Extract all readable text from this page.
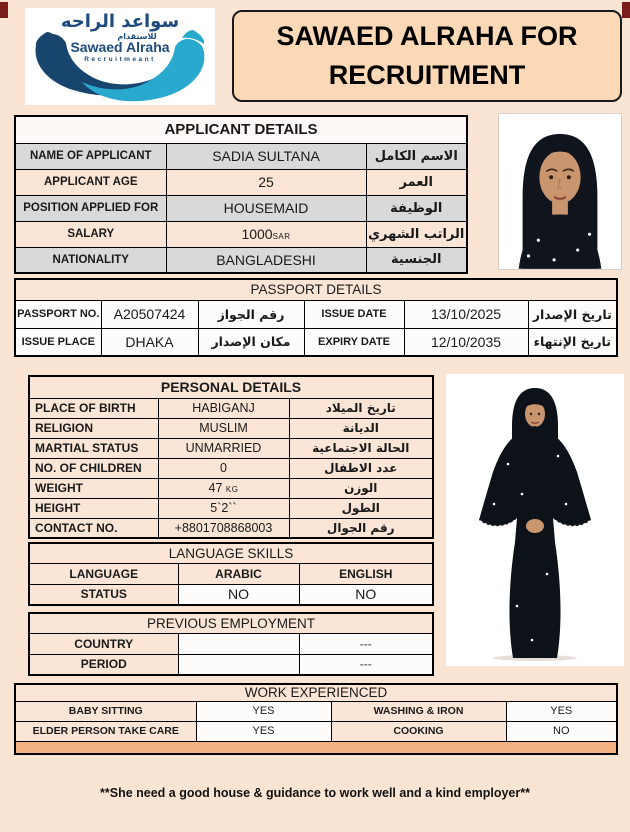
سواعد الراحه
للاستقدام
Sawaed Alraha
Recruitmeant
SAWAED ALRAHA FOR
RECRUITMENT
APPLICANT DETAILS		
NAME OF APPLICANT	SADIA SULTANA	الاسم الكامل
APPLICANT AGE	25	العمر
POSITION APPLIED FOR	HOUSEMAID	الوظيفة
SALARY	1000SAR	الراتب الشهري
NATIONALITY	BANGLADESHI	الجنسية
PASSPORT DETAILS					
PASSPORT NO.	A20507424	رقم الجواز	ISSUE DATE	13/10/2025	تاريخ الإصدار
ISSUE PLACE	DHAKA	مكان الإصدار	EXPIRY DATE	12/10/2035	تاريخ الإنتهاء
PERSONAL DETAILS		
PLACE OF BIRTH	HABIGANJ	تاريخ الميلاد
RELIGION	MUSLIM	الديانة
MARTIAL STATUS	UNMARRIED	الحالة الاجتماعية
NO. OF CHILDREN	0	عدد الاطفال
WEIGHT	47 KG	الوزن
HEIGHT	5`2``	الطول
CONTACT NO.	+8801708868003	رقم الجوال
LANGUAGE SKILLS		
LANGUAGE	ARABIC	ENGLISH
STATUS	NO	NO
PREVIOUS EMPLOYMENT		
COUNTRY		---
PERIOD		---
WORK EXPERIENCED			
BABY SITTING	YES	WASHING & IRON	YES
ELDER PERSON TAKE CARE	YES	COOKING	NO

**She need a good house & guidance to work well and a kind employer**
